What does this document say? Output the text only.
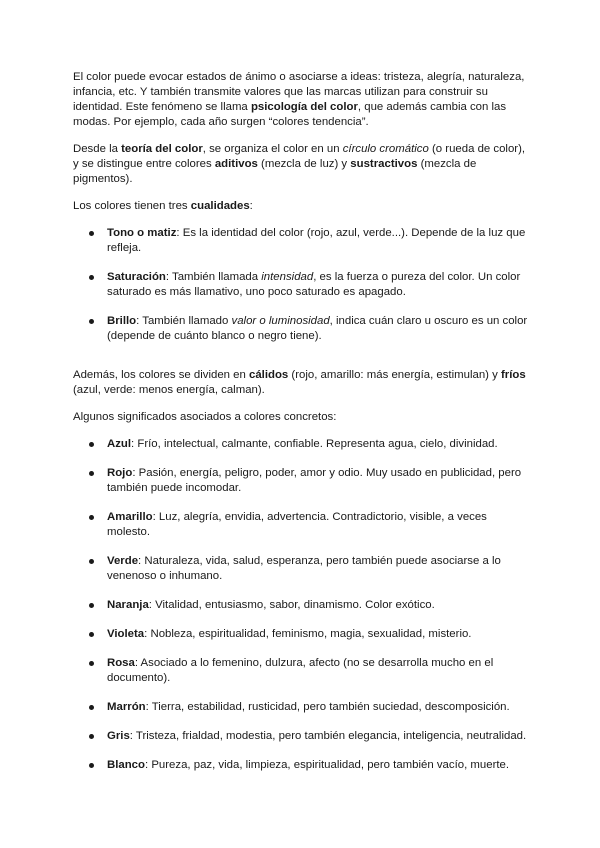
El color puede evocar estados de ánimo o asociarse a ideas: tristeza, alegría, naturaleza, infancia, etc. Y también transmite valores que las marcas utilizan para construir su identidad. Este fenómeno se llama psicología del color, que además cambia con las modas. Por ejemplo, cada año surgen “colores tendencia”.

Desde la teoría del color, se organiza el color en un círculo cromático (o rueda de color), y se distingue entre colores aditivos (mezcla de luz) y sustractivos (mezcla de pigmentos).

Los colores tienen tres cualidades:

Tono o matiz: Es la identidad del color (rojo, azul, verde...). Depende de la luz que refleja.
Saturación: También llamada intensidad, es la fuerza o pureza del color. Un color saturado es más llamativo, uno poco saturado es apagado.
Brillo: También llamado valor o luminosidad, indica cuán claro u oscuro es un color (depende de cuánto blanco o negro tiene).

Además, los colores se dividen en cálidos (rojo, amarillo: más energía, estimulan) y fríos (azul, verde: menos energía, calman).

Algunos significados asociados a colores concretos:

Azul: Frío, intelectual, calmante, confiable. Representa agua, cielo, divinidad.
Rojo: Pasión, energía, peligro, poder, amor y odio. Muy usado en publicidad, pero también puede incomodar.
Amarillo: Luz, alegría, envidia, advertencia. Contradictorio, visible, a veces molesto.
Verde: Naturaleza, vida, salud, esperanza, pero también puede asociarse a lo venenoso o inhumano.
Naranja: Vitalidad, entusiasmo, sabor, dinamismo. Color exótico.
Violeta: Nobleza, espiritualidad, feminismo, magia, sexualidad, misterio.
Rosa: Asociado a lo femenino, dulzura, afecto (no se desarrolla mucho en el documento).
Marrón: Tierra, estabilidad, rusticidad, pero también suciedad, descomposición.
Gris: Tristeza, frialdad, modestia, pero también elegancia, inteligencia, neutralidad.
Blanco: Pureza, paz, vida, limpieza, espiritualidad, pero también vacío, muerte.
